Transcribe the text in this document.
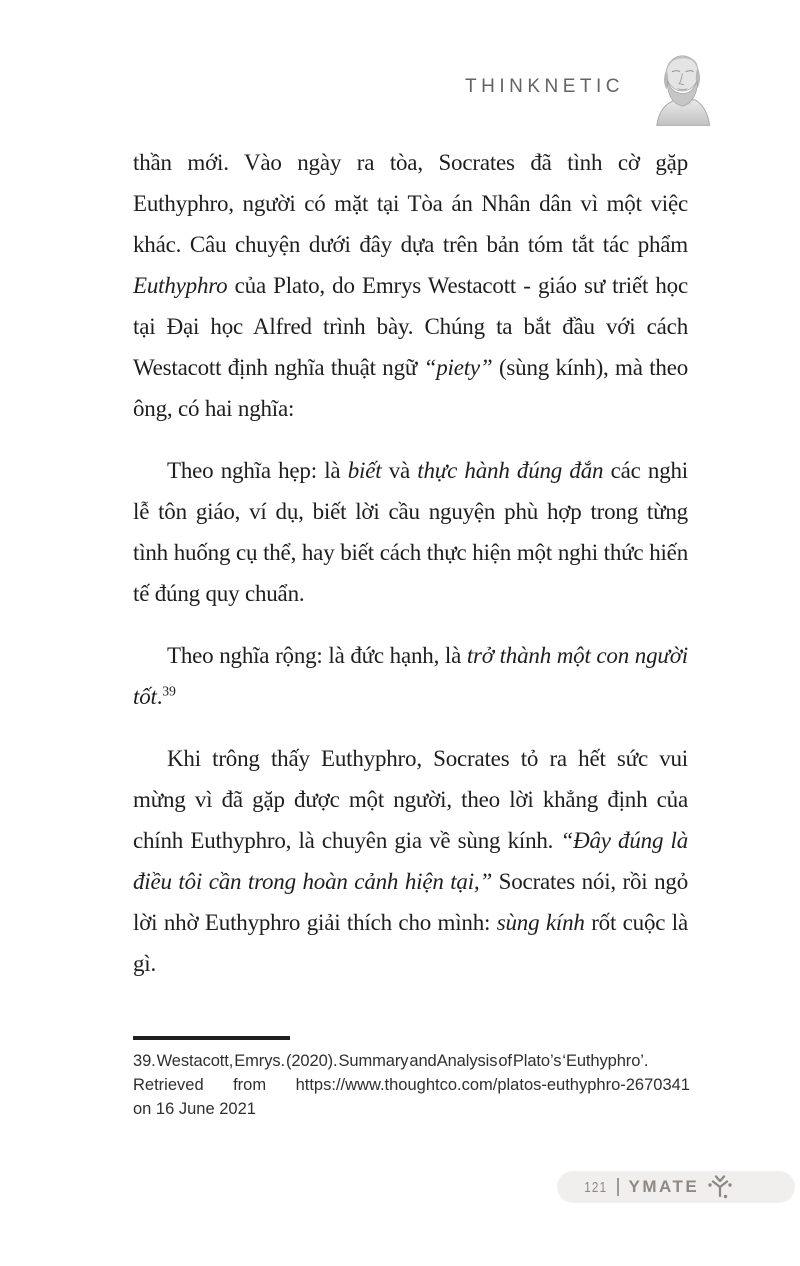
THINKNETIC

thần mới. Vào ngày ra tòa, Socrates đã tình cờ gặp Euthyphro, người có mặt tại Tòa án Nhân dân vì một việc khác. Câu chuyện dưới đây dựa trên bản tóm tắt tác phẩm Euthyphro của Plato, do Emrys Westacott - giáo sư triết học tại Đại học Alfred trình bày. Chúng ta bắt đầu với cách Westacott định nghĩa thuật ngữ “piety” (sùng kính), mà theo ông, có hai nghĩa:

Theo nghĩa hẹp: là biết và thực hành đúng đắn các nghi lễ tôn giáo, ví dụ, biết lời cầu nguyện phù hợp trong từng tình huống cụ thể, hay biết cách thực hiện một nghi thức hiến tế đúng quy chuẩn.

Theo nghĩa rộng: là đức hạnh, là trở thành một con người tốt.$^{39}$

Khi trông thấy Euthyphro, Socrates tỏ ra hết sức vui mừng vì đã gặp được một người, theo lời khẳng định của chính Euthyphro, là chuyên gia về sùng kính. “Đây đúng là điều tôi cần trong hoàn cảnh hiện tại,” Socrates nói, rồi ngỏ lời nhờ Euthyphro giải thích cho mình: sùng kính rốt cuộc là gì.

39. Westacott, Emrys. (2020). Summary and Analysis of Plato’s ‘Euthyphro’.
Retrieved from https://www.thoughtco.com/platos-euthyphro-2670341
on 16 June 2021
121 YMATE
